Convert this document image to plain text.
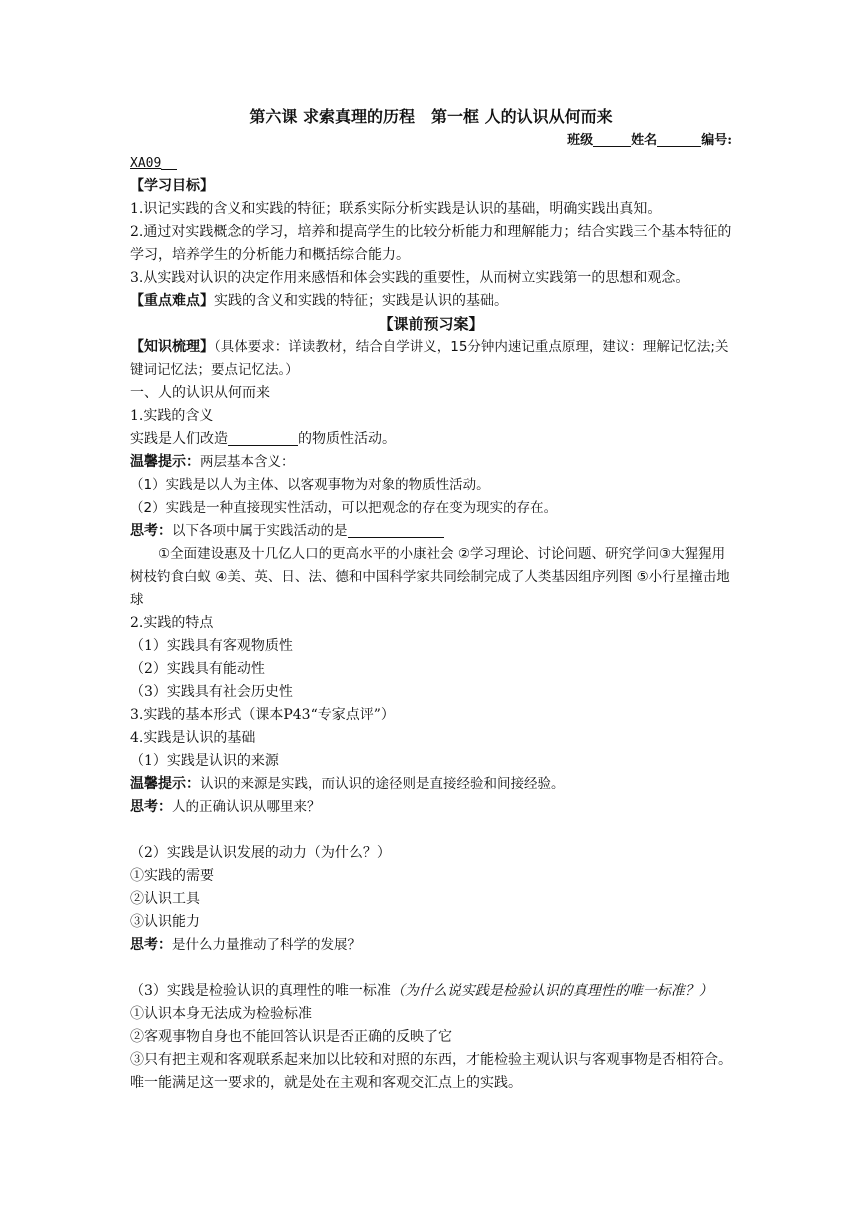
第六课 求索真理的历程　第一框 人的认识从何而来
班级	姓名	编号:
XA09
【学习目标】
1.识记实践的含义和实践的特征；联系实际分析实践是认识的基础，明确实践出真知。
2.通过对实践概念的学习，培养和提高学生的比较分析能力和理解能力；结合实践三个基本特征的学习，培养学生的分析能力和概括综合能力。
3.从实践对认识的决定作用来感悟和体会实践的重要性，从而树立实践第一的思想和观念。
【重点难点】实践的含义和实践的特征；实践是认识的基础。
【课前预习案】
【知识梳理】（具体要求：详读教材，结合自学讲义，15分钟内速记重点原理，建议：理解记忆法;关键词记忆法；要点记忆法。）
一、人的认识从何而来
1.实践的含义
实践是人们改造	的物质性活动。
温馨提示：两层基本含义：
（1）实践是以人为主体、以客观事物为对象的物质性活动。
（2）实践是一种直接现实性活动，可以把观念的存在变为现实的存在。
思考：以下各项中属于实践活动的是
①全面建设惠及十几亿人口的更高水平的小康社会 ②学习理论、讨论问题、研究学问③大猩猩用树枝钓食白蚁 ④美、英、日、法、德和中国科学家共同绘制完成了人类基因组序列图 ⑤小行星撞击地球
2.实践的特点
（1）实践具有客观物质性
（2）实践具有能动性
（3）实践具有社会历史性
3.实践的基本形式（课本P43“专家点评”）
4.实践是认识的基础
（1）实践是认识的来源
温馨提示：认识的来源是实践，而认识的途径则是直接经验和间接经验。
思考：人的正确认识从哪里来？
（2）实践是认识发展的动力（为什么？）
①实践的需要
②认识工具
③认识能力
思考：是什么力量推动了科学的发展？
（3）实践是检验认识的真理性的唯一标准（为什么说实践是检验认识的真理性的唯一标准？）
①认识本身无法成为检验标准
②客观事物自身也不能回答认识是否正确的反映了它
③只有把主观和客观联系起来加以比较和对照的东西，才能检验主观认识与客观事物是否相符合。唯一能满足这一要求的，就是处在主观和客观交汇点上的实践。
